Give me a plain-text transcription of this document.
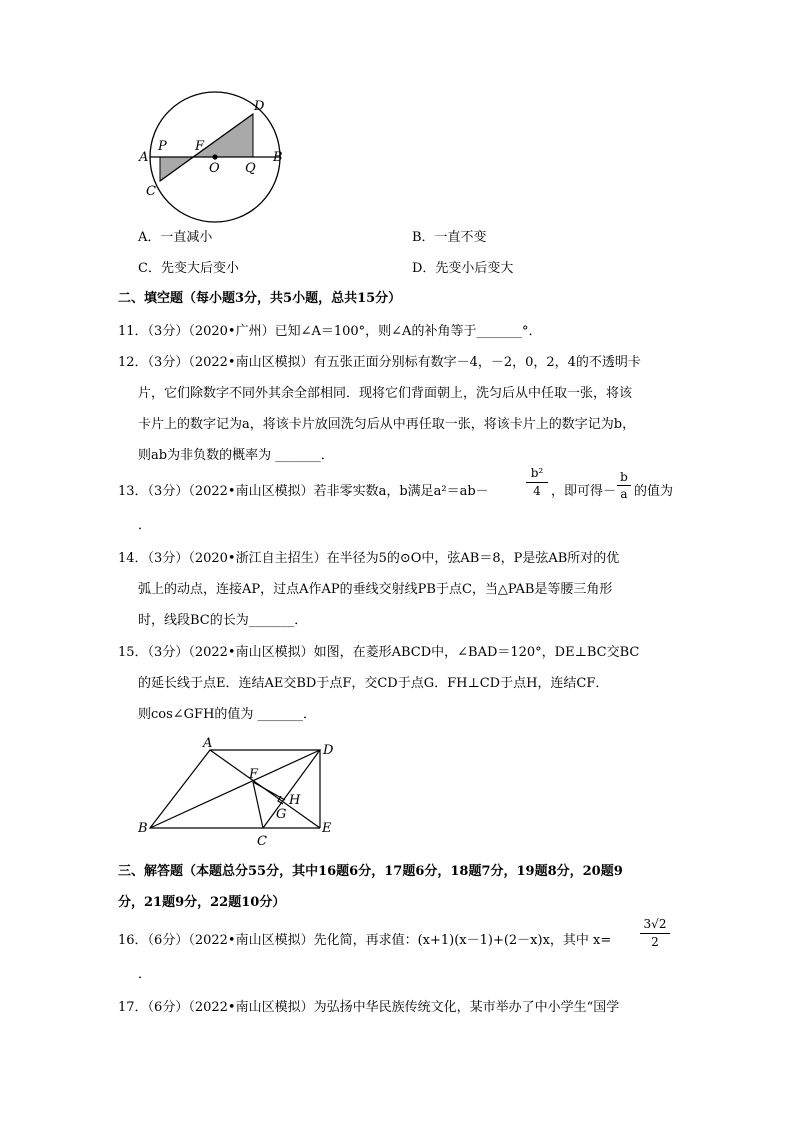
D
A
P F
O Q
B
C
A．一直减小	B．一直不变
C．先变大后变小	D．先变小后变大
二、填空题（每小题3分，共5小题，总共15分）
11．（3分）（2020•广州）已知∠A＝100°，则∠A的补角等于_______°．
12．（3分）（2022•南山区模拟）有五张正面分别标有数字－4，－2，0，2，4的不透明卡
片，它们除数字不同外其余全部相同．现将它们背面朝上，洗匀后从中任取一张，将该
卡片上的数字记为a，将该卡片放回洗匀后从中再任取一张，将该卡片上的数字记为b，
则ab为非负数的概率为 _______．
13．（3分）（2022•南山区模拟）若非零实数a，b满足a²＝ab－
b²
4 ，即可得－
b
a 的值为
．
14．（3分）（2020•浙江自主招生）在半径为5的⊙O中，弦AB＝8，P是弦AB所对的优
弧上的动点，连接AP，过点A作AP的垂线交射线PB于点C，当△PAB是等腰三角形
时，线段BC的长为_______．
15．（3分）（2022•南山区模拟）如图，在菱形ABCD中，∠BAD＝120°，DE⊥BC交BC
的延长线于点E．连结AE交BD于点F，交CD于点G．FH⊥CD于点H，连结CF．
则cos∠GFH的值为 _______．
A	D
F
H
G
B
C
E
三、解答题（本题总分55分，其中16题6分，17题6分，18题7分，19题8分，20题9
分，21题9分，22题10分）
16．（6分）（2022•南山区模拟）先化简，再求值：(x+1)(x－1)+(2－x)x，其中 x=
3√2
2
．
17．（6分）（2022•南山区模拟）为弘扬中华民族传统文化，某市举办了中小学生“国学
